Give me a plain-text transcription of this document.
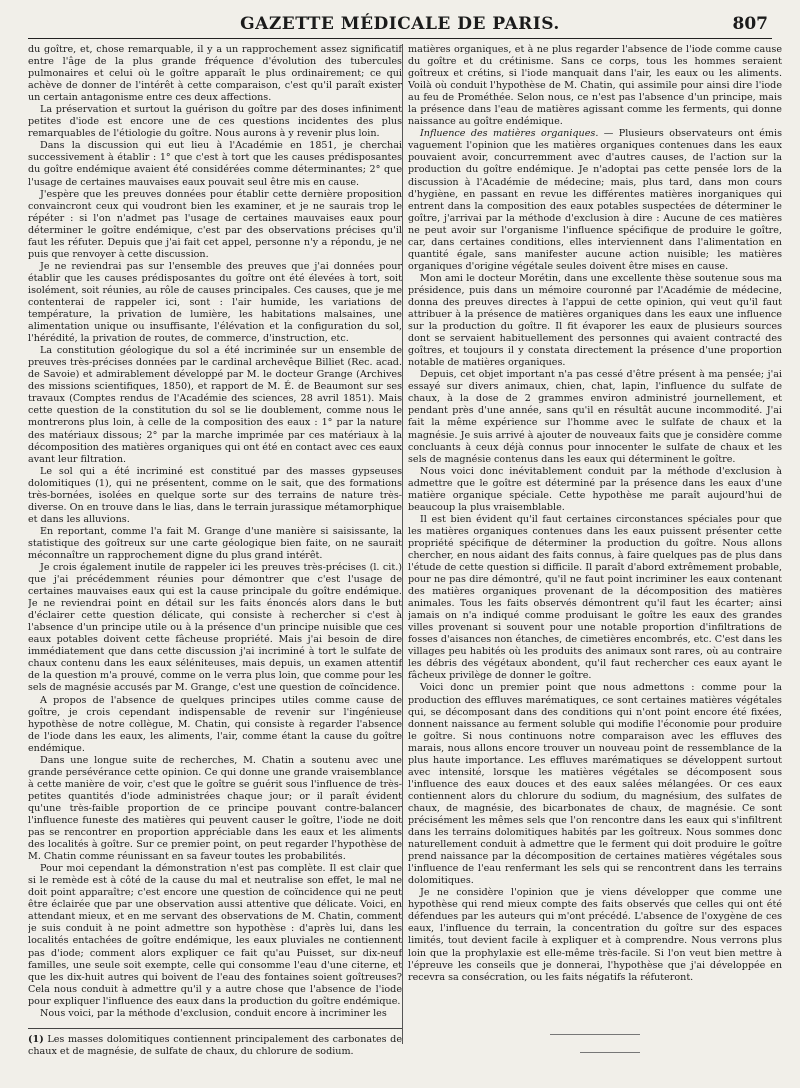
GAZETTE MÉDICALE DE PARIS.	807

du goître, et, chose remarquable, il y a un rapprochement assez significatif entre l'âge de la plus grande fréquence d'évolution des tubercules pulmonaires et celui où le goître apparaît le plus ordinairement; ce qui achève de donner de l'intérêt à cette comparaison, c'est qu'il paraît exister un certain antagonisme entre ces deux affections.

La préservation et surtout la guérison du goître par des doses infiniment petites d'iode est encore une de ces questions incidentes des plus remarquables de l'étiologie du goître. Nous aurons à y revenir plus loin.

Dans la discussion qui eut lieu à l'Académie en 1851, je cherchai successivement à établir : 1° que c'est à tort que les causes prédisposantes du goître endémique avaient été considérées comme déterminantes; 2° que l'usage de certaines mauvaises eaux pouvait seul être mis en cause.

J'espère que les preuves données pour établir cette dernière proposition convaincront ceux qui voudront bien les examiner, et je ne saurais trop le répéter : si l'on n'admet pas l'usage de certaines mauvaises eaux pour déterminer le goître endémique, c'est par des observations précises qu'il faut les réfuter. Depuis que j'ai fait cet appel, personne n'y a répondu, je ne puis que renvoyer à cette discussion.

Je ne reviendrai pas sur l'ensemble des preuves que j'ai données pour établir que les causes prédisposantes du goître ont été élevées à tort, soit isolément, soit réunies, au rôle de causes principales. Ces causes, que je me contenterai de rappeler ici, sont : l'air humide, les variations de température, la privation de lumière, les habitations malsaines, une alimentation unique ou insuffisante, l'élévation et la configuration du sol, l'hérédité, la privation de routes, de commerce, d'instruction, etc.

La constitution géologique du sol a été incriminée sur un ensemble de preuves très-précises données par le cardinal archevêque Billiet (Rec. acad. de Savoie) et admirablement développé par M. le docteur Grange (Archives des missions scientifiques, 1850), et rapport de M. É. de Beaumont sur ses travaux (Comptes rendus de l'Académie des sciences, 28 avril 1851). Mais cette question de la constitution du sol se lie doublement, comme nous le montrerons plus loin, à celle de la composition des eaux : 1° par la nature des matériaux dissous; 2° par la marche imprimée par ces matériaux à la décomposition des matières organiques qui ont été en contact avec ces eaux avant leur filtration.

Le sol qui a été incriminé est constitué par des masses gypseuses dolomitiques (1), qui ne présentent, comme on le sait, que des formations très-bornées, isolées en quelque sorte sur des terrains de nature très-diverse. On en trouve dans le lias, dans le terrain jurassique métamorphique et dans les alluvions.

En reportant, comme l'a fait M. Grange d'une manière si saisissante, la statistique des goîtreux sur une carte géologique bien faite, on ne saurait méconnaître un rapprochement digne du plus grand intérêt.

Je crois également inutile de rappeler ici les preuves très-précises (l. cit.) que j'ai précédemment réunies pour démontrer que c'est l'usage de certaines mauvaises eaux qui est la cause principale du goître endémique. Je ne reviendrai point en détail sur les faits énoncés alors dans le but d'éclairer cette question délicate, qui consiste à rechercher si c'est à l'absence d'un principe utile ou à la présence d'un principe nuisible que ces eaux potables doivent cette fâcheuse propriété. Mais j'ai besoin de dire immédiatement que dans cette discussion j'ai incriminé à tort le sulfate de chaux contenu dans les eaux séléniteuses, mais depuis, un examen attentif de la question m'a prouvé, comme on le verra plus loin, que comme pour les sels de magnésie accusés par M. Grange, c'est une question de coïncidence.

A propos de l'absence de quelques principes utiles comme cause de goître, je crois cependant indispensable de revenir sur l'ingénieuse hypothèse de notre collègue, M. Chatin, qui consiste à regarder l'absence de l'iode dans les eaux, les aliments, l'air, comme étant la cause du goître endémique.

Dans une longue suite de recherches, M. Chatin a soutenu avec une grande persévérance cette opinion. Ce qui donne une grande vraisemblance à cette manière de voir, c'est que le goître se guérit sous l'influence de très-petites quantités d'iode administrées chaque jour; or il paraît évident qu'une très-faible proportion de ce principe pouvant contre-balancer l'influence funeste des matières qui peuvent causer le goître, l'iode ne doit pas se rencontrer en proportion appréciable dans les eaux et les aliments des localités à goître. Sur ce premier point, on peut regarder l'hypothèse de M. Chatin comme réunissant en sa faveur toutes les probabilités.

Pour moi cependant la démonstration n'est pas complète. Il est clair que si le remède est à côté de la cause du mal et neutralise son effet, le mal ne doit point apparaître; c'est encore une question de coïncidence qui ne peut être éclairée que par une observation aussi attentive que délicate. Voici, en attendant mieux, et en me servant des observations de M. Chatin, comment je suis conduit à ne point admettre son hypothèse : d'après lui, dans les localités entachées de goître endémique, les eaux pluviales ne contiennent pas d'iode; comment alors expliquer ce fait qu'au Puisset, sur dix-neuf familles, une seule soit exempte, celle qui consomme l'eau d'une citerne, et que les dix-huit autres qui boivent de l'eau des fontaines soient goîtreuses? Cela nous conduit à admettre qu'il y a autre chose que l'absence de l'iode pour expliquer l'influence des eaux dans la production du goître endémique.

Nous voici, par la méthode d'exclusion, conduit encore à incriminer les

matières organiques, et à ne plus regarder l'absence de l'iode comme cause du goître et du crétinisme. Sans ce corps, tous les hommes seraient goîtreux et crétins, si l'iode manquait dans l'air, les eaux ou les aliments. Voilà où conduit l'hypothèse de M. Chatin, qui assimile pour ainsi dire l'iode au feu de Prométhée. Selon nous, ce n'est pas l'absence d'un principe, mais la présence dans l'eau de matières agissant comme les ferments, qui donne naissance au goître endémique.

Influence des matières organiques. — Plusieurs observateurs ont émis vaguement l'opinion que les matières organiques contenues dans les eaux pouvaient avoir, concurremment avec d'autres causes, de l'action sur la production du goître endémique. Je n'adoptai pas cette pensée lors de la discussion à l'Académie de médecine; mais, plus tard, dans mon cours d'hygiène, en passant en revue les différentes matières inorganiques qui entrent dans la composition des eaux potables suspectées de déterminer le goître, j'arrivai par la méthode d'exclusion à dire : Aucune de ces matières ne peut avoir sur l'organisme l'influence spécifique de produire le goître, car, dans certaines conditions, elles interviennent dans l'alimentation en quantité égale, sans manifester aucune action nuisible; les matières organiques d'origine végétale seules doivent être mises en cause.

Mon ami le docteur Morétin, dans une excellente thèse soutenue sous ma présidence, puis dans un mémoire couronné par l'Académie de médecine, donna des preuves directes à l'appui de cette opinion, qui veut qu'il faut attribuer à la présence de matières organiques dans les eaux une influence sur la production du goître. Il fit évaporer les eaux de plusieurs sources dont se servaient habituellement des personnes qui avaient contracté des goîtres, et toujours il y constata directement la présence d'une proportion notable de matières organiques.

Depuis, cet objet important n'a pas cessé d'être présent à ma pensée; j'ai essayé sur divers animaux, chien, chat, lapin, l'influence du sulfate de chaux, à la dose de 2 grammes environ administré journellement, et pendant près d'une année, sans qu'il en résultât aucune incommodité. J'ai fait la même expérience sur l'homme avec le sulfate de chaux et la magnésie. Je suis arrivé à ajouter de nouveaux faits que je considère comme concluants à ceux déjà connus pour innocenter le sulfate de chaux et les sels de magnésie contenus dans les eaux qui déterminent le goître.

Nous voici donc inévitablement conduit par la méthode d'exclusion à admettre que le goître est déterminé par la présence dans les eaux d'une matière organique spéciale. Cette hypothèse me paraît aujourd'hui de beaucoup la plus vraisemblable.

Il est bien évident qu'il faut certaines circonstances spéciales pour que les matières organiques contenues dans les eaux puissent présenter cette propriété spécifique de déterminer la production du goître. Nous allons chercher, en nous aidant des faits connus, à faire quelques pas de plus dans l'étude de cette question si difficile. Il paraît d'abord extrêmement probable, pour ne pas dire démontré, qu'il ne faut point incriminer les eaux contenant des matières organiques provenant de la décomposition des matières animales. Tous les faits observés démontrent qu'il faut les écarter; ainsi jamais on n'a indiqué comme produisant le goître les eaux des grandes villes provenant si souvent pour une notable proportion d'infiltrations de fosses d'aisances non étanches, de cimetières encombrés, etc. C'est dans les villages peu habités où les produits des animaux sont rares, où au contraire les débris des végétaux abondent, qu'il faut rechercher ces eaux ayant le fâcheux privilège de donner le goître.

Voici donc un premier point que nous admettons : comme pour la production des effluves marématiques, ce sont certaines matières végétales qui, se décomposant dans des conditions qui n'ont point encore été fixées, donnent naissance au ferment soluble qui modifie l'économie pour produire le goître. Si nous continuons notre comparaison avec les effluves des marais, nous allons encore trouver un nouveau point de ressemblance de la plus haute importance. Les effluves marématiques se développent surtout avec intensité, lorsque les matières végétales se décomposent sous l'influence des eaux douces et des eaux salées mélangées. Or ces eaux contiennent alors du chlorure du sodium, du magnésium, des sulfates de chaux, de magnésie, des bicarbonates de chaux, de magnésie. Ce sont précisément les mêmes sels que l'on rencontre dans les eaux qui s'infiltrent dans les terrains dolomitiques habités par les goîtreux. Nous sommes donc naturellement conduit à admettre que le ferment qui doit produire le goître prend naissance par la décomposition de certaines matières végétales sous l'influence de l'eau renfermant les sels qui se rencontrent dans les terrains dolomitiques.

Je ne considère l'opinion que je viens développer que comme une hypothèse qui rend mieux compte des faits observés que celles qui ont été défendues par les auteurs qui m'ont précédé. L'absence de l'oxygène de ces eaux, l'influence du terrain, la concentration du goître sur des espaces limités, tout devient facile à expliquer et à comprendre. Nous verrons plus loin que la prophylaxie est elle-même très-facile. Si l'on veut bien mettre à l'épreuve les conseils que je donnerai, l'hypothèse que j'ai développée en recevra sa consécration, ou les faits négatifs la réfuteront.

(1) Les masses dolomitiques contiennent principalement des carbonates de chaux et de magnésie, de sulfate de chaux, du chlorure de sodium.
